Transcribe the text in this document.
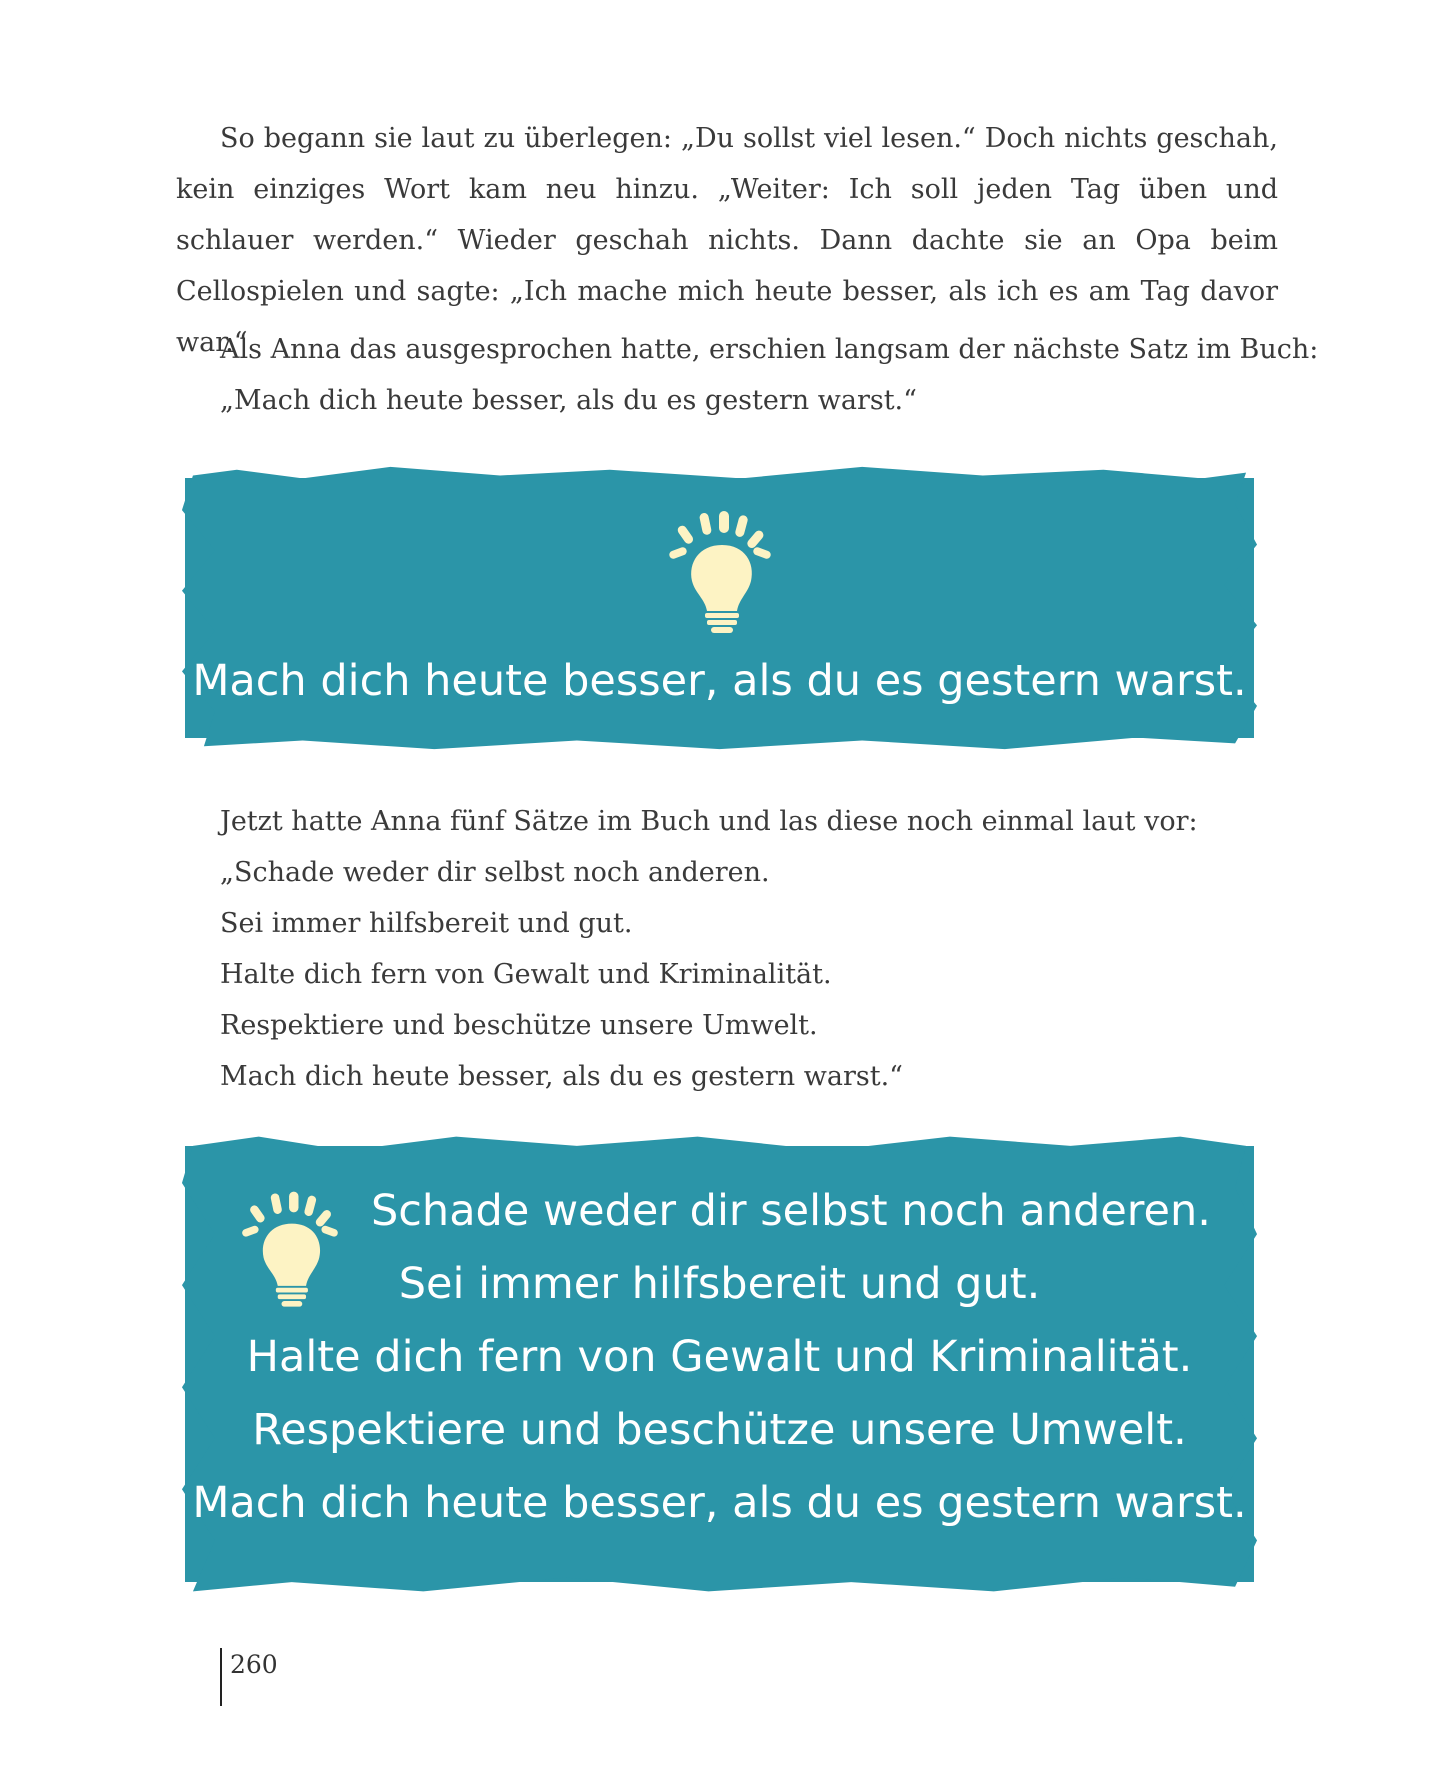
So begann sie laut zu überlegen: „Du sollst viel lesen.“ Doch nichts geschah, kein einziges Wort kam neu hinzu. „Weiter: Ich soll jeden Tag üben und schlauer werden.“ Wieder geschah nichts. Dann dachte sie an Opa beim Cellospielen und sagte: „Ich mache mich heute besser, als ich es am Tag davor war.“

Als Anna das ausgesprochen hatte, erschien langsam der nächste Satz im Buch:

„Mach dich heute besser, als du es gestern warst.“

Mach dich heute besser, als du es gestern warst.

Jetzt hatte Anna fünf Sätze im Buch und las diese noch einmal laut vor:

„Schade weder dir selbst noch anderen.

Sei immer hilfsbereit und gut.

Halte dich fern von Gewalt und Kriminalität.

Respektiere und beschütze unsere Umwelt.

Mach dich heute besser, als du es gestern warst.“

Schade weder dir selbst noch anderen.
Sei immer hilfsbereit und gut.
Halte dich fern von Gewalt und Kriminalität.
Respektiere und beschütze unsere Umwelt.
Mach dich heute besser, als du es gestern warst.
260
